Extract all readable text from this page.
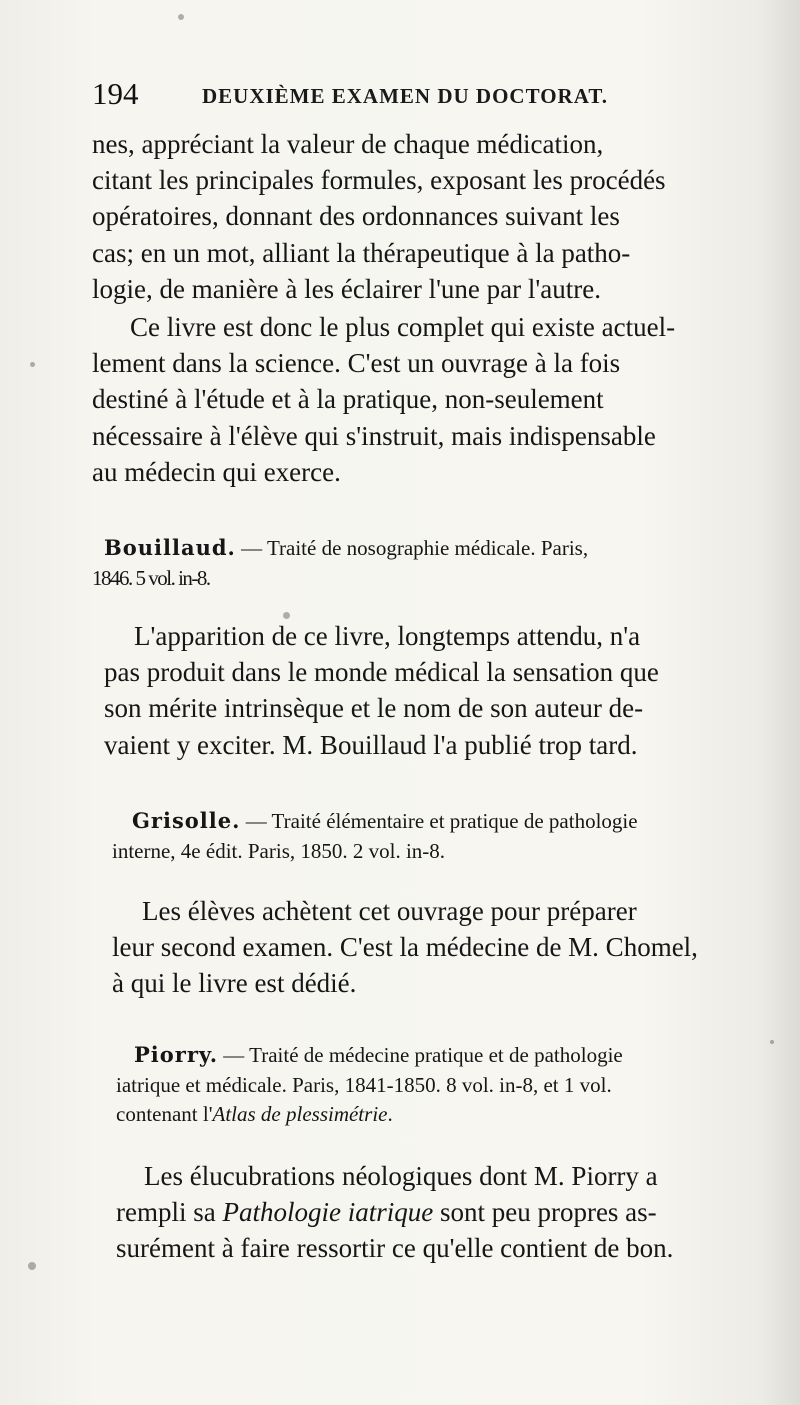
194	DEUXIÈME EXAMEN DU DOCTORAT.
nes, appréciant la valeur de chaque médication,
citant les principales formules, exposant les procédés
opératoires, donnant des ordonnances suivant les
cas; en un mot, alliant la thérapeutique à la patho-
logie, de manière à les éclairer l'une par l'autre.
Ce livre est donc le plus complet qui existe actuel-
lement dans la science. C'est un ouvrage à la fois
destiné à l'étude et à la pratique, non-seulement
nécessaire à l'élève qui s'instruit, mais indispensable
au médecin qui exerce.
Bouillaud. — Traité de nosographie médicale. Paris,
1846. 5 vol. in-8.
L'apparition de ce livre, longtemps attendu, n'a
pas produit dans le monde médical la sensation que
son mérite intrinsèque et le nom de son auteur de-
vaient y exciter. M. Bouillaud l'a publié trop tard.
Grisolle. — Traité élémentaire et pratique de pathologie
interne, 4e édit. Paris, 1850. 2 vol. in-8.
Les élèves achètent cet ouvrage pour préparer
leur second examen. C'est la médecine de M. Chomel,
à qui le livre est dédié.
Piorry. — Traité de médecine pratique et de pathologie
iatrique et médicale. Paris, 1841-1850. 8 vol. in-8, et 1 vol.
contenant l'Atlas de plessimétrie.
Les élucubrations néologiques dont M. Piorry a
rempli sa Pathologie iatrique sont peu propres as-
surément à faire ressortir ce qu'elle contient de bon.
